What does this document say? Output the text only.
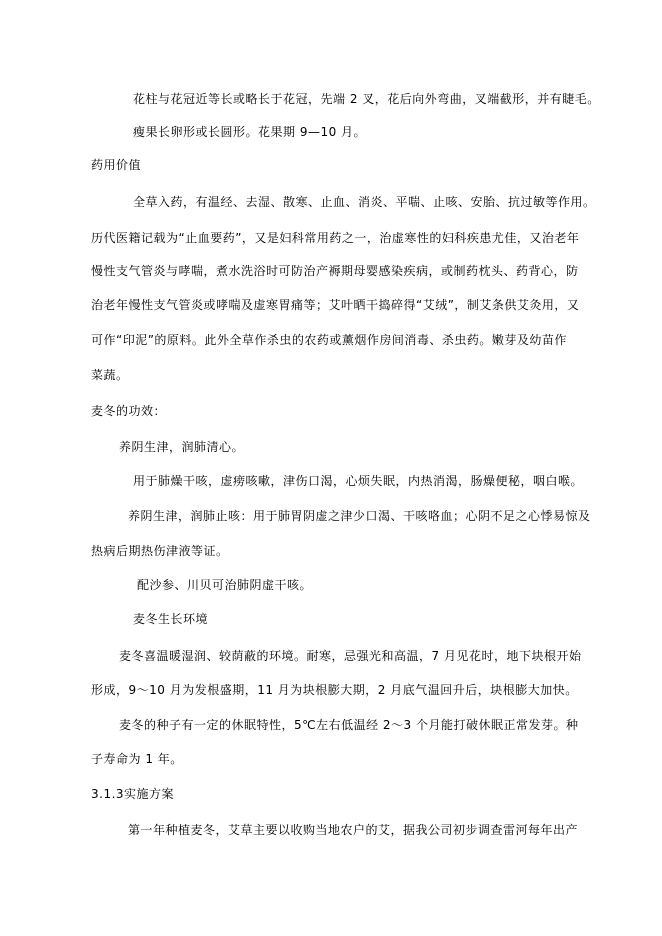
花柱与花冠近等长或略长于花冠，先端 2 叉，花后向外弯曲，叉端截形，并有睫毛。
瘦果长卵形或长圆形。花果期 9—10 月。
药用价值
全草入药，有温经、去湿、散寒、止血、消炎、平喘、止咳、安胎、抗过敏等作用。
历代医籍记载为“止血要药”，又是妇科常用药之一，治虚寒性的妇科疾患尤佳，又治老年
慢性支气管炎与哮喘，煮水洗浴时可防治产褥期母婴感染疾病，或制药枕头、药背心，防
治老年慢性支气管炎或哮喘及虚寒胃痛等；艾叶晒干捣碎得“艾绒”，制艾条供艾灸用，又
可作“印泥”的原料。此外全草作杀虫的农药或薰烟作房间消毒、杀虫药。嫩芽及幼苗作
菜蔬。
麦冬的功效：
养阴生津，润肺清心。
用于肺燥干咳，虚痨咳嗽，津伤口渴，心烦失眠，内热消渴，肠燥便秘，咽白喉。
养阴生津，润肺止咳：用于肺胃阴虚之津少口渴、干咳咯血；心阴不足之心悸易惊及
热病后期热伤津液等证。
配沙参、川贝可治肺阴虚干咳。
麦冬生长环境
麦冬喜温暖湿润、较荫蔽的环境。耐寒，忌强光和高温，7 月见花时，地下块根开始
形成，9～10 月为发根盛期，11 月为块根膨大期，2 月底气温回升后，块根膨大加快。
麦冬的种子有一定的休眠特性，5℃左右低温经 2～3 个月能打破休眠正常发芽。种
子寿命为 1 年。
3.1.3实施方案
第一年种植麦冬，艾草主要以收购当地农户的艾，据我公司初步调查雷河每年出产
